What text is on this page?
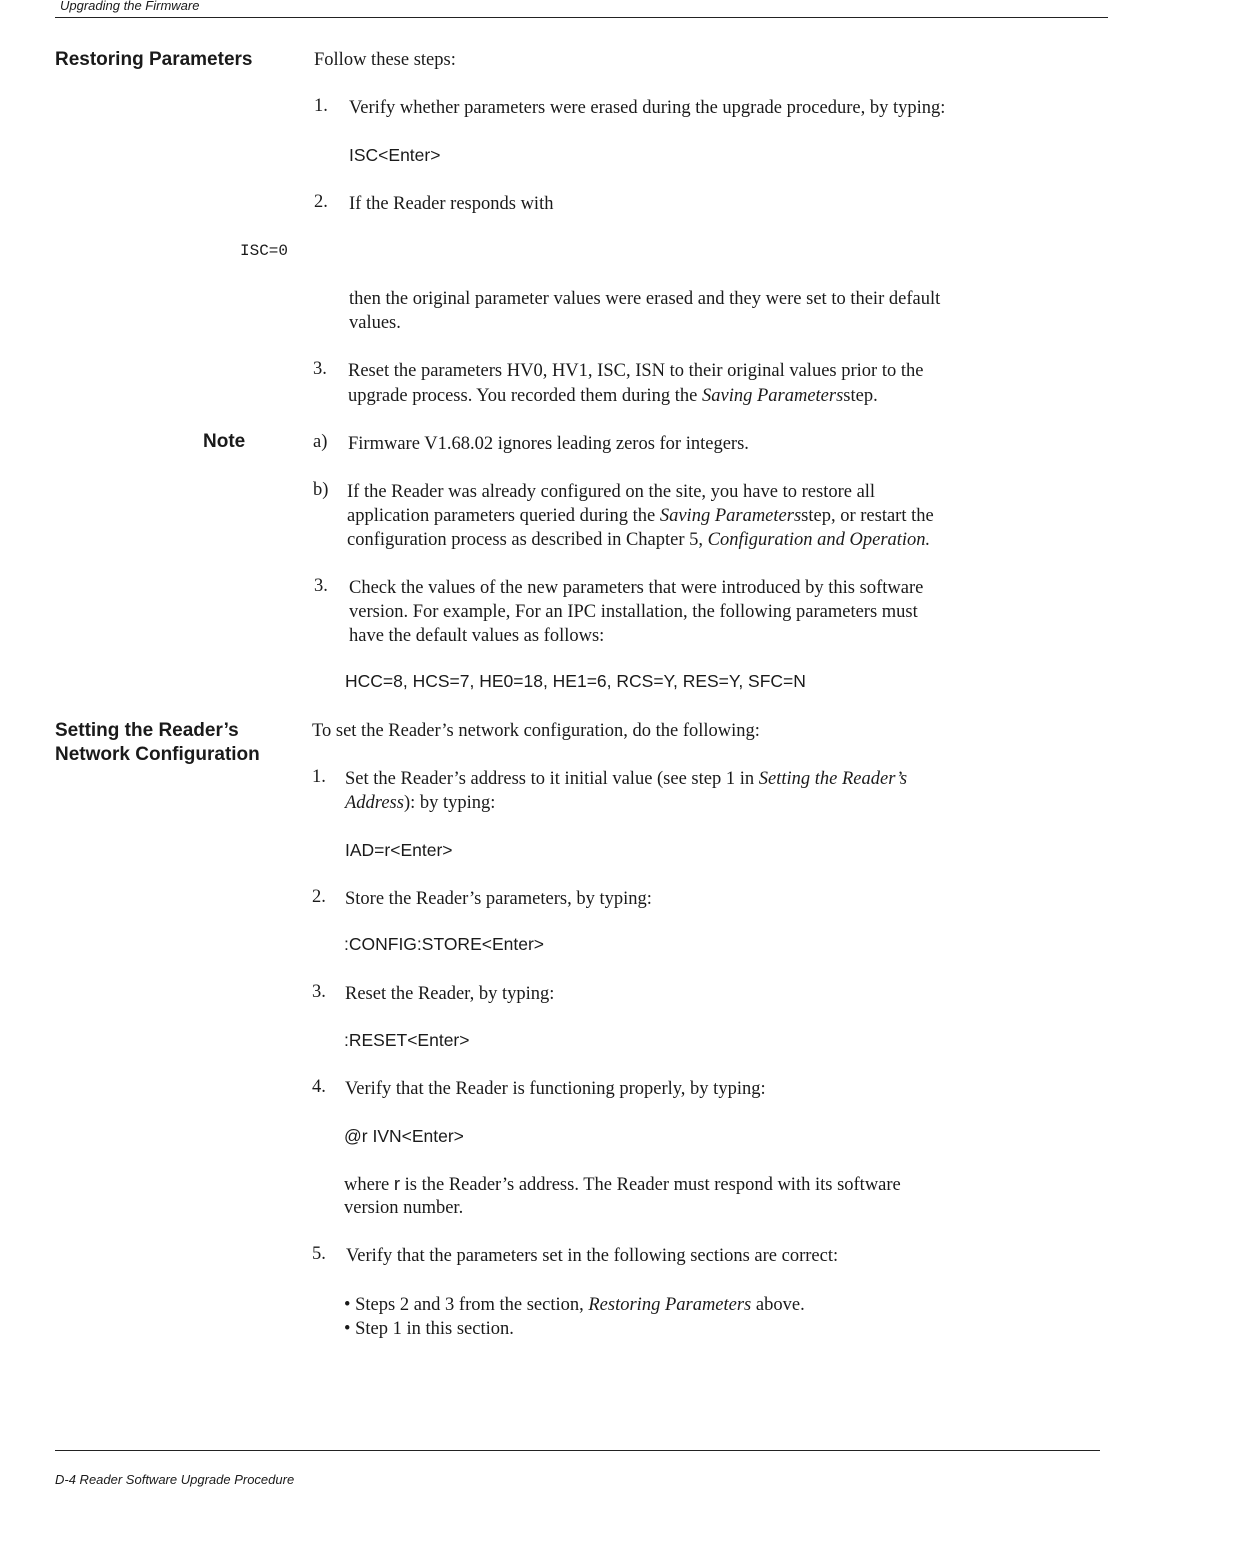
Upgrading the Firmware
Restoring Parameters	Follow these steps:
1. Verify whether parameters were erased during the upgrade procedure, by typing:
ISC<Enter>
2. If the Reader responds with
ISC=0
then the original parameter values were erased and they were set to their default
values.
3. Reset the parameters HV0, HV1, ISC, ISN to their original values prior to the
upgrade process. You recorded them during the Saving Parametersstep.
Note	a) Firmware V1.68.02 ignores leading zeros for integers.
b) If the Reader was already configured on the site, you have to restore all
application parameters queried during the Saving Parametersstep, or restart the
configuration process as described in Chapter 5, Configuration and Operation.
3. Check the values of the new parameters that were introduced by this software
version. For example, For an IPC installation, the following parameters must
have the default values as follows:
HCC=8, HCS=7, HE0=18, HE1=6, RCS=Y, RES=Y, SFC=N
Setting the Reader’s
Network Configuration
To set the Reader’s network configuration, do the following:
1. Set the Reader’s address to it initial value (see step 1 in Setting the Reader’s
Address): by typing:
IAD=r<Enter>
2. Store the Reader’s parameters, by typing:
:CONFIG:STORE<Enter>
3. Reset the Reader, by typing:
:RESET<Enter>
4. Verify that the Reader is functioning properly, by typing:
@r IVN<Enter>
where r is the Reader’s address. The Reader must respond with its software
version number.
5. Verify that the parameters set in the following sections are correct:
• Steps 2 and 3 from the section, Restoring Parameters above.
• Step 1 in this section.
D-4 Reader Software Upgrade Procedure
